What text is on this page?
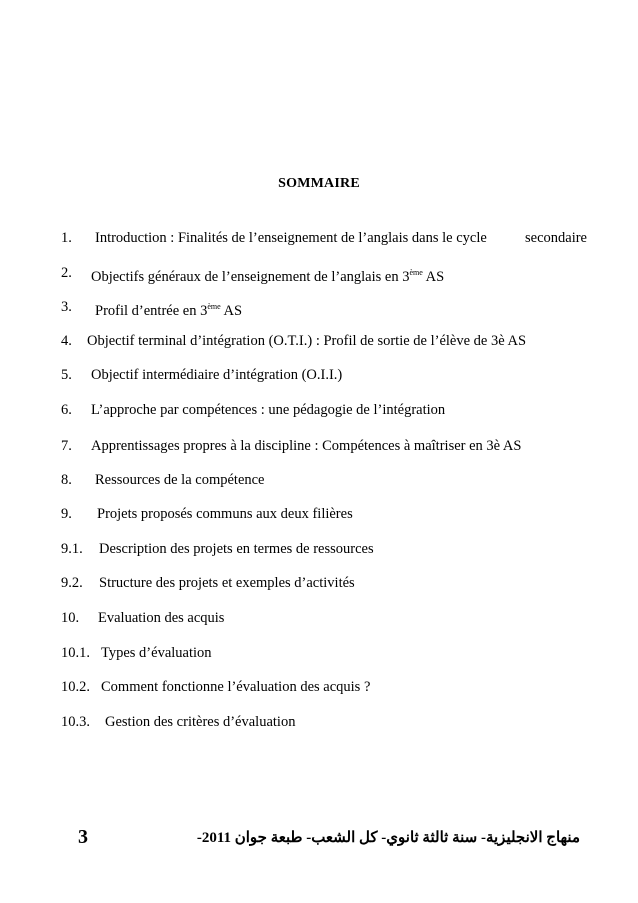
SOMMAIRE
1. Introduction : Finalités de l’enseignement de l’anglais dans le cycle	secondaire
2. Objectifs généraux de l’enseignement de l’anglais en 3ème AS
3. Profil d’entrée en 3ème AS
4. Objectif terminal d’intégration (O.T.I.) : Profil de sortie de l’élève de 3è AS
5. Objectif intermédiaire d’intégration (O.I.I.)
6. L’approche par compétences : une pédagogie de l’intégration
7. Apprentissages propres à la discipline : Compétences à maîtriser en 3è AS
8. Ressources de la compétence
9. Projets proposés communs aux deux filières
9.1. Description des projets en termes de ressources
9.2. Structure des projets et exemples d’activités
10. Evaluation des acquis
10.1. Types d’évaluation
10.2. Comment fonctionne l’évaluation des acquis ?
10.3. Gestion des critères d’évaluation
3	منهاج الانجليزية- سنة ثالثة ثانوي- كل الشعب- طبعة جوان 2011-
